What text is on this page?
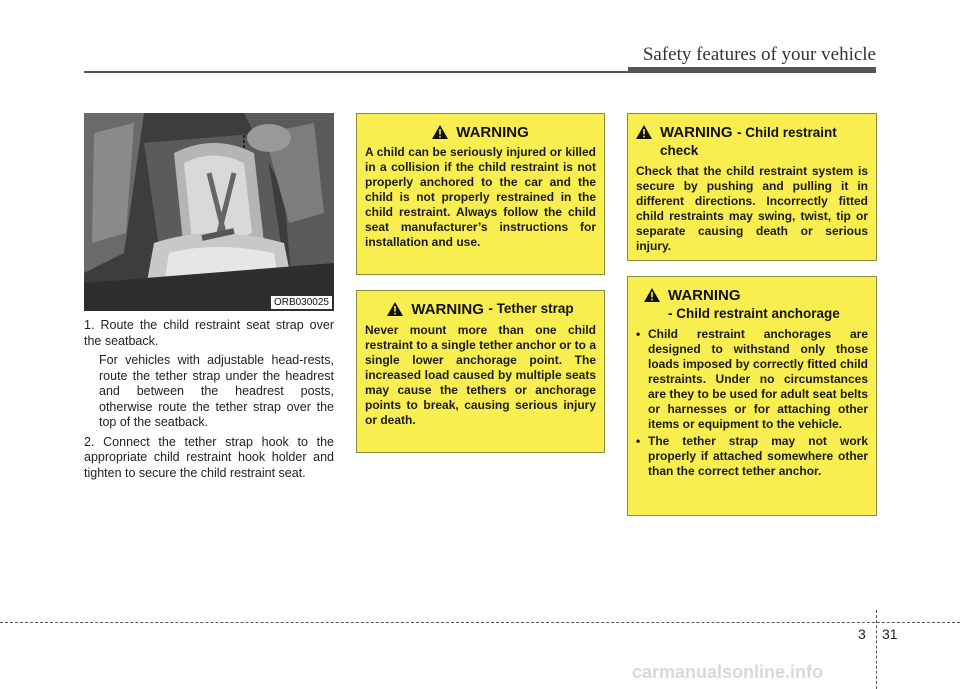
Safety features of your vehicle
ORB030025
1. Route the child restraint seat strap over the seatback.
For vehicles with adjustable head-rests, route the tether strap under the headrest and between the headrest posts, otherwise route the tether strap over the top of the seatback.
2. Connect the tether strap hook to the appropriate child restraint hook holder and tighten to secure the child restraint seat.
WARNING
A child can be seriously injured or killed in a collision if the child restraint is not properly anchored to the car and the child is not properly restrained in the child restraint. Always follow the child seat manufacturer’s instructions for installation and use.
WARNING
- Tether strap
Never mount more than one child restraint to a single tether anchor or to a single lower anchorage point. The increased load caused by multiple seats may cause the tethers or anchorage points to break, causing serious injury or death.
WARNING - Child restraint check
Check that the child restraint system is secure by pushing and pulling it in different directions. Incorrectly fitted child restraints may swing, twist, tip or separate causing death or serious injury.
WARNING
- Child restraint anchorage
• Child restraint anchorages are designed to withstand only those loads imposed by correctly fitted child restraints. Under no circumstances are they to be used for adult seat belts or harnesses or for attaching other items or equipment to the vehicle.
• The tether strap may not work properly if attached somewhere other than the correct tether anchor.
3 31
carmanualsonline.info
